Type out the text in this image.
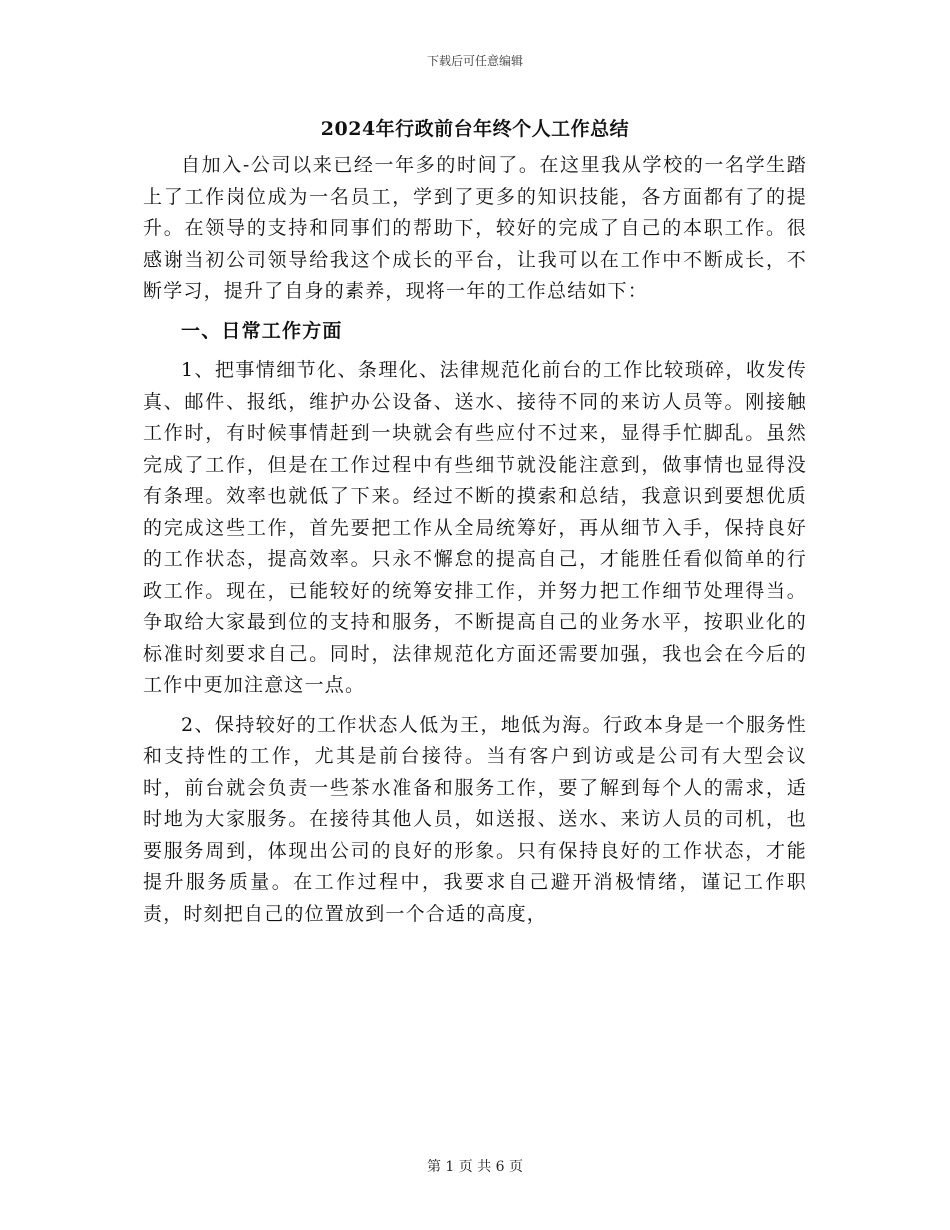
下载后可任意编辑
2024年行政前台年终个人工作总结

自加入-公司以来已经一年多的时间了。在这里我从学校的一名学生踏上了工作岗位成为一名员工，学到了更多的知识技能，各方面都有了的提升。在领导的支持和同事们的帮助下，较好的完成了自己的本职工作。很感谢当初公司领导给我这个成长的平台，让我可以在工作中不断成长，不断学习，提升了自身的素养，现将一年的工作总结如下：

一、日常工作方面

1、把事情细节化、条理化、法律规范化前台的工作比较琐碎，收发传真、邮件、报纸，维护办公设备、送水、接待不同的来访人员等。刚接触工作时，有时候事情赶到一块就会有些应付不过来，显得手忙脚乱。虽然完成了工作，但是在工作过程中有些细节就没能注意到，做事情也显得没有条理。效率也就低了下来。经过不断的摸索和总结，我意识到要想优质的完成这些工作，首先要把工作从全局统筹好，再从细节入手，保持良好的工作状态，提高效率。只永不懈怠的提高自己，才能胜任看似简单的行政工作。现在，已能较好的统筹安排工作，并努力把工作细节处理得当。争取给大家最到位的支持和服务，不断提高自己的业务水平，按职业化的标准时刻要求自己。同时，法律规范化方面还需要加强，我也会在今后的工作中更加注意这一点。

2、保持较好的工作状态人低为王，地低为海。行政本身是一个服务性和支持性的工作，尤其是前台接待。当有客户到访或是公司有大型会议时，前台就会负责一些茶水准备和服务工作，要了解到每个人的需求，适时地为大家服务。在接待其他人员，如送报、送水、来访人员的司机，也要服务周到，体现出公司的良好的形象。只有保持良好的工作状态，才能提升服务质量。在工作过程中，我要求自己避开消极情绪，谨记工作职责，时刻把自己的位置放到一个合适的高度，

第 1 页 共 6 页
